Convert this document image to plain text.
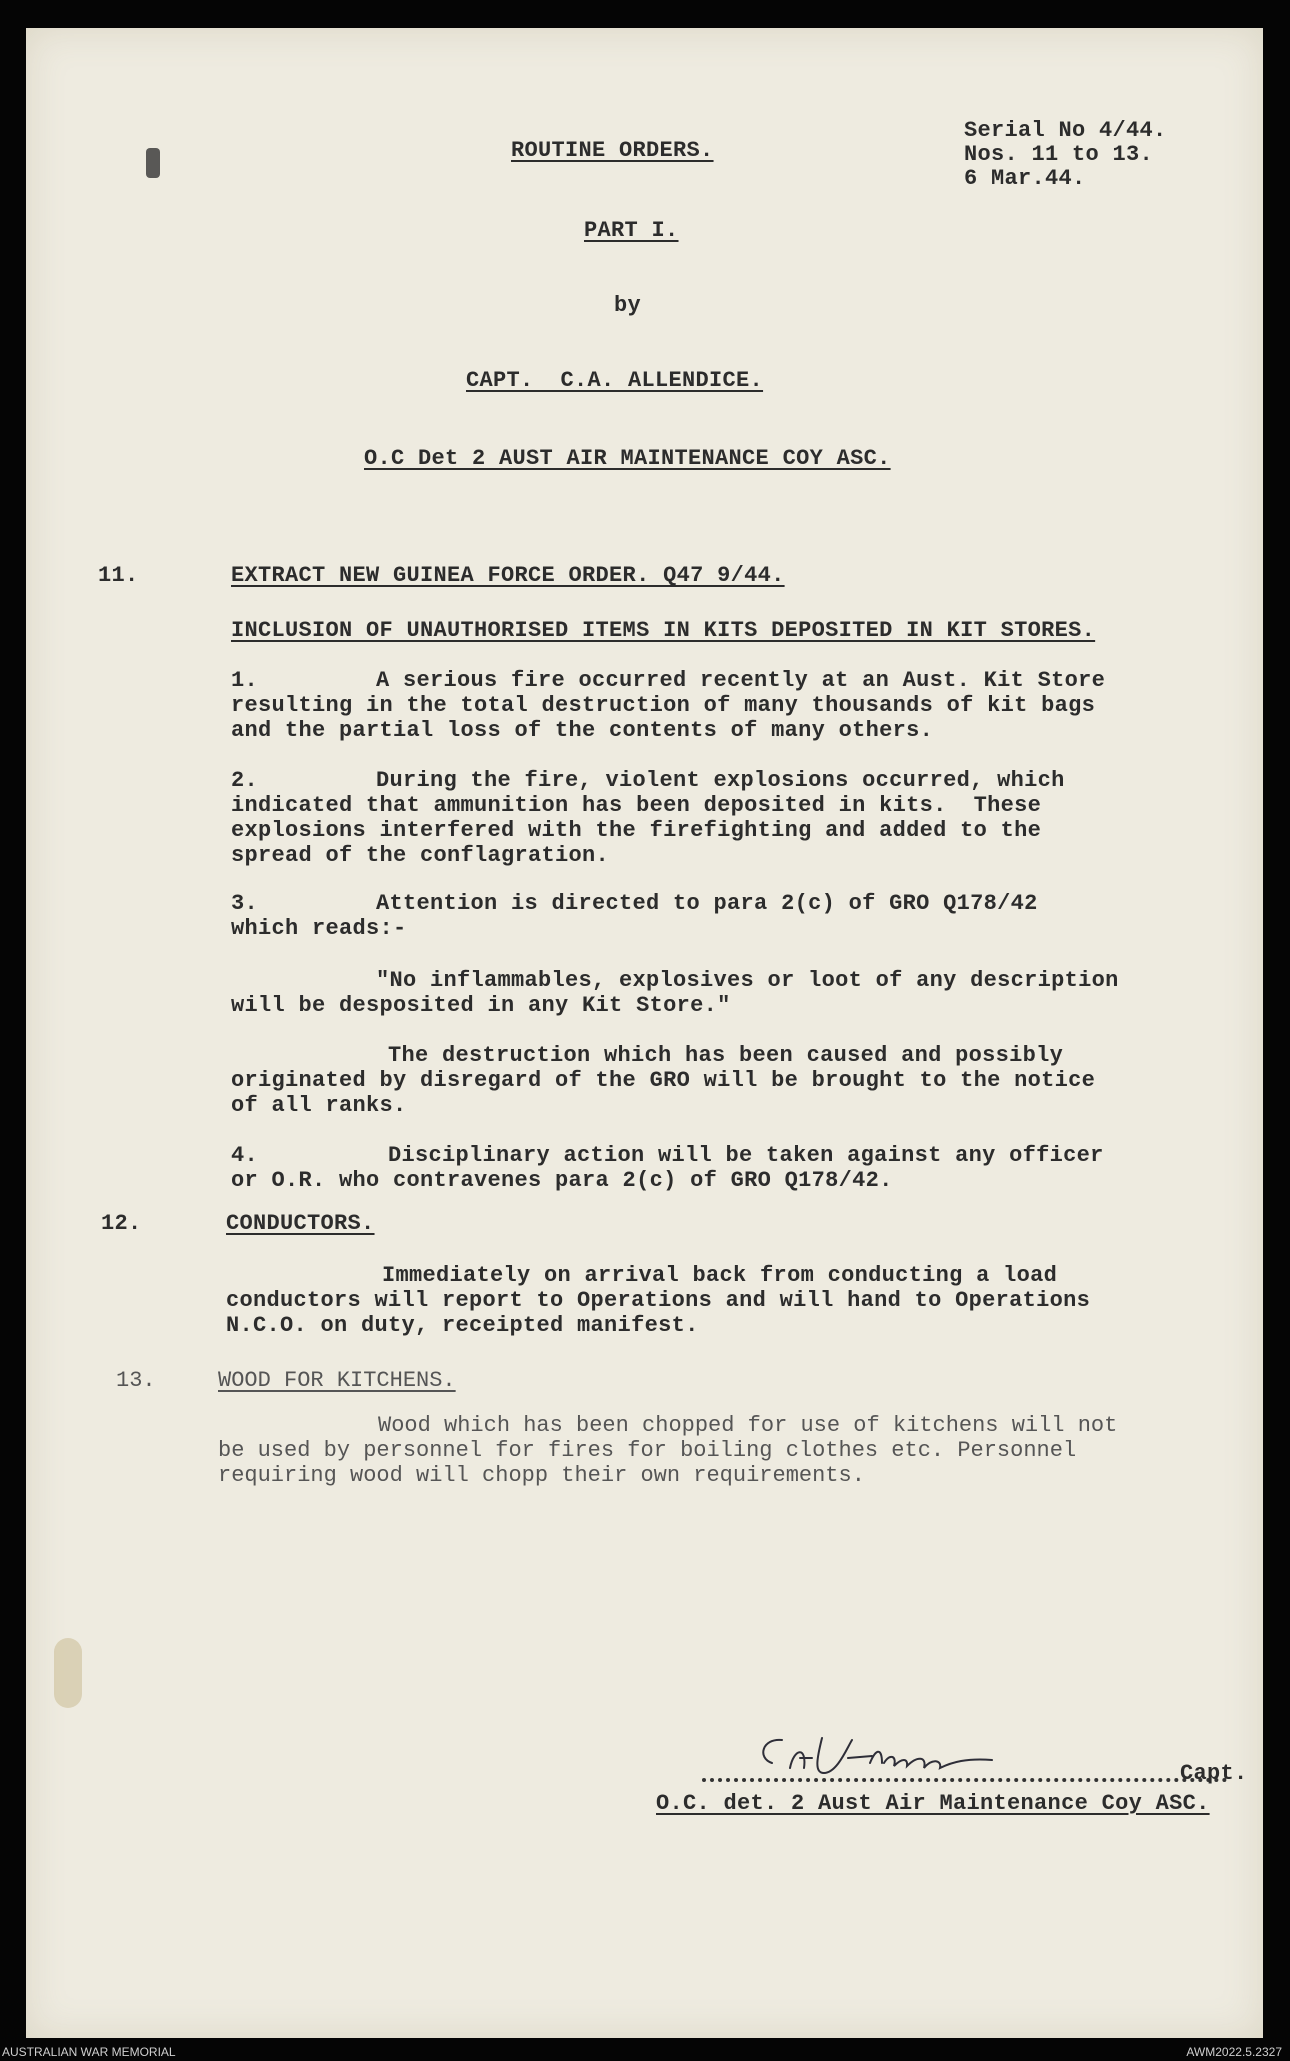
Serial No 4/44.

Nos. 11 to 13.

6 Mar.44.

ROUTINE ORDERS.

PART I.

by

CAPT.  C.A. ALLENDICE.

O.C Det 2 AUST AIR MAINTENANCE COY ASC.

11.	EXTRACT NEW GUINEA FORCE ORDER. Q47 9/44.

INCLUSION OF UNAUTHORISED ITEMS IN KITS DEPOSITED IN KIT STORES.

1.	A serious fire occurred recently at an Aust. Kit Store

resulting in the total destruction of many thousands of kit bags

and the partial loss of the contents of many others.

2.	During the fire, violent explosions occurred, which

indicated that ammunition has been deposited in kits.  These

explosions interfered with the firefighting and added to the

spread of the conflagration.

3.	Attention is directed to para 2(c) of GRO Q178/42

which reads:-

"No inflammables, explosives or loot of any description

will be desposited in any Kit Store."

The destruction which has been caused and possibly

originated by disregard of the GRO will be brought to the notice

of all ranks.

4.	Disciplinary action will be taken against any officer

or O.R. who contravenes para 2(c) of GRO Q178/42.

12.	CONDUCTORS.

Immediately on arrival back from conducting a load

conductors will report to Operations and will hand to Operations

N.C.O. on duty, receipted manifest.

13.	WOOD FOR KITCHENS.

Wood which has been chopped for use of kitchens will not

be used by personnel for fires for boiling clothes etc. Personnel

requiring wood will chopp their own requirements.

Capt.

O.C. det. 2 Aust Air Maintenance Coy ASC.

AUSTRALIAN WAR MEMORIAL	AWM2022.5.2327
